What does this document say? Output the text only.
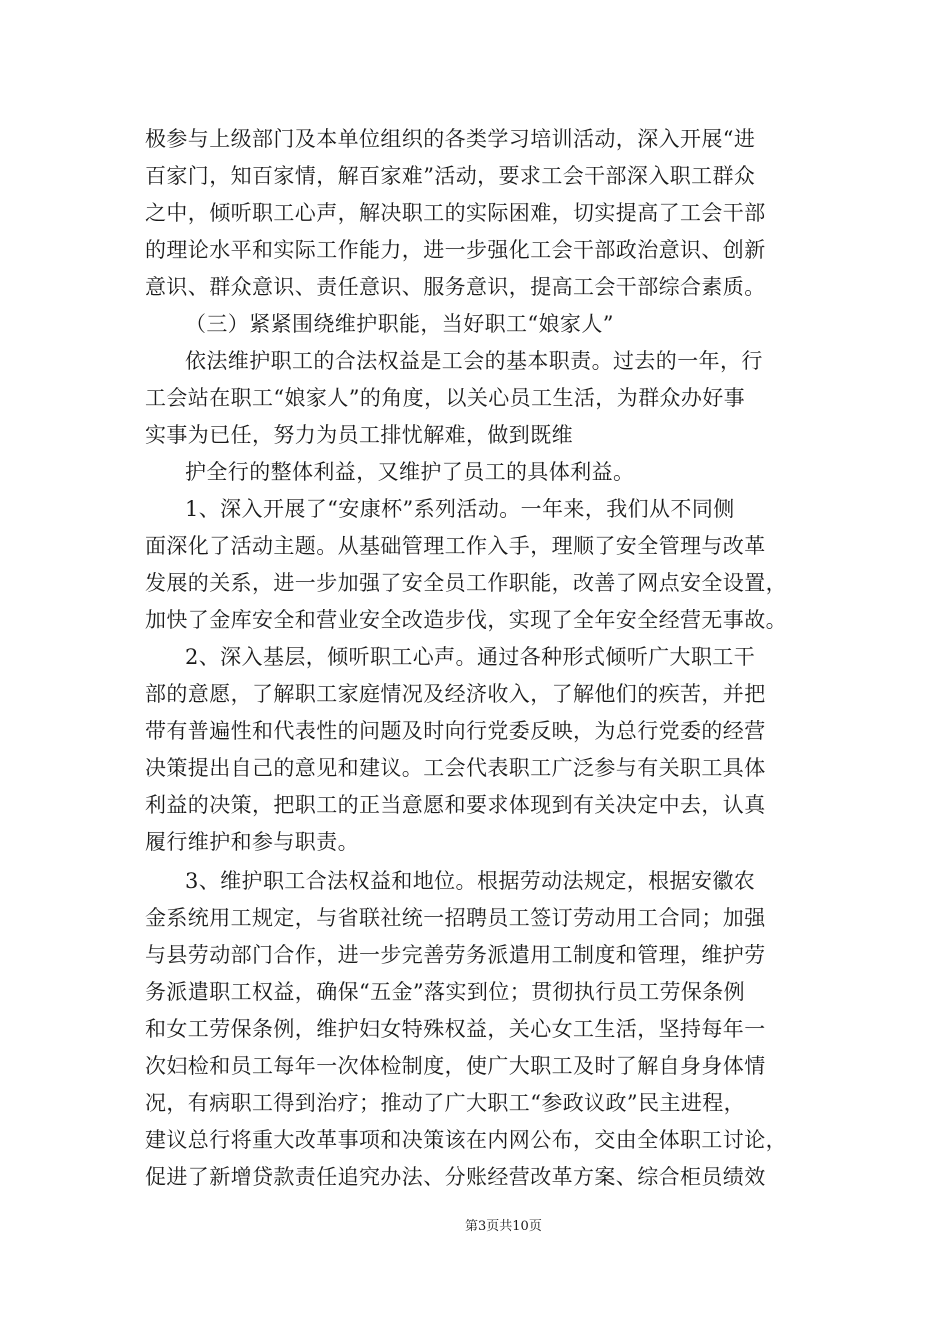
极参与上级部门及本单位组织的各类学习培训活动，深入开展“进
百家门，知百家情，解百家难”活动，要求工会干部深入职工群众
之中，倾听职工心声，解决职工的实际困难，切实提高了工会干部
的理论水平和实际工作能力，进一步强化工会干部政治意识、创新
意识、群众意识、责任意识、服务意识，提高工会干部综合素质。
（三）紧紧围绕维护职能，当好职工“娘家人”
依法维护职工的合法权益是工会的基本职责。过去的一年，行
工会站在职工“娘家人”的角度，以关心员工生活，为群众办好事
实事为已任，努力为员工排忧解难，做到既维
护全行的整体利益，又维护了员工的具体利益。
1、深入开展了“安康杯”系列活动。一年来，我们从不同侧
面深化了活动主题。从基础管理工作入手，理顺了安全管理与改革
发展的关系，进一步加强了安全员工作职能，改善了网点安全设置，
加快了金库安全和营业安全改造步伐，实现了全年安全经营无事故。
2、深入基层，倾听职工心声。通过各种形式倾听广大职工干
部的意愿，了解职工家庭情况及经济收入，了解他们的疾苦，并把
带有普遍性和代表性的问题及时向行党委反映，为总行党委的经营
决策提出自己的意见和建议。工会代表职工广泛参与有关职工具体
利益的决策，把职工的正当意愿和要求体现到有关决定中去，认真
履行维护和参与职责。
3、维护职工合法权益和地位。根据劳动法规定，根据安徽农
金系统用工规定，与省联社统一招聘员工签订劳动用工合同；加强
与县劳动部门合作，进一步完善劳务派遣用工制度和管理，维护劳
务派遣职工权益，确保“五金”落实到位；贯彻执行员工劳保条例
和女工劳保条例，维护妇女特殊权益，关心女工生活，坚持每年一
次妇检和员工每年一次体检制度，使广大职工及时了解自身身体情
况，有病职工得到治疗；推动了广大职工“参政议政”民主进程，
建议总行将重大改革事项和决策该在内网公布，交由全体职工讨论，
促进了新增贷款责任追究办法、分账经营改革方案、综合柜员绩效
第3页共10页
